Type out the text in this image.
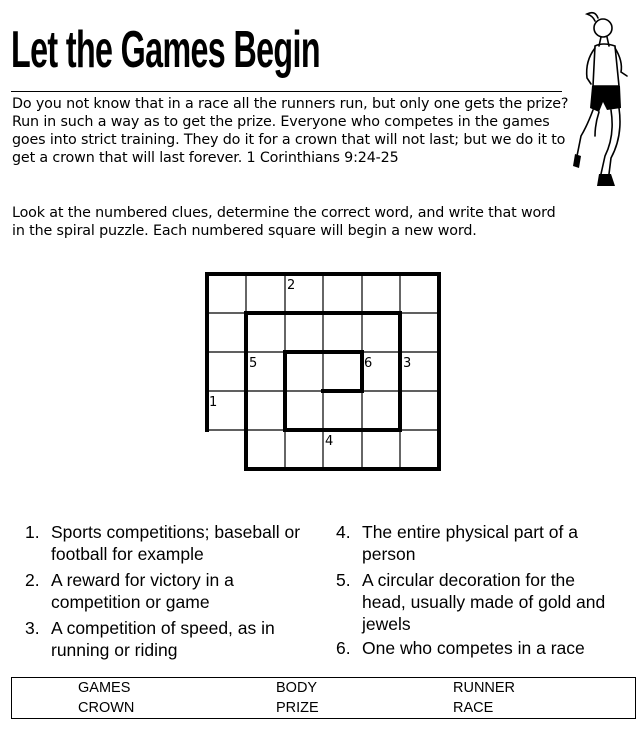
Let the Games Begin
Do you not know that in a race all the runners run, but only one gets the prize? Run in such a way as to get the prize. Everyone who competes in the games goes into strict training. They do it for a crown that will not last; but we do it to get a crown that will last forever. 1 Corinthians 9:24-25
Look at the numbered clues, determine the correct word, and write that word in the spiral puzzle. Each numbered square will begin a new word.
1
2
3
4
5	6
1. Sports competitions; baseball or football for example
2. A reward for victory in a competition or game
3. A competition of speed, as in running or riding
4. The entire physical part of a person
5. A circular decoration for the head, usually made of gold and jewels
6. One who competes in a race
GAMES	BODY	RUNNER
CROWN	PRIZE	RACE
